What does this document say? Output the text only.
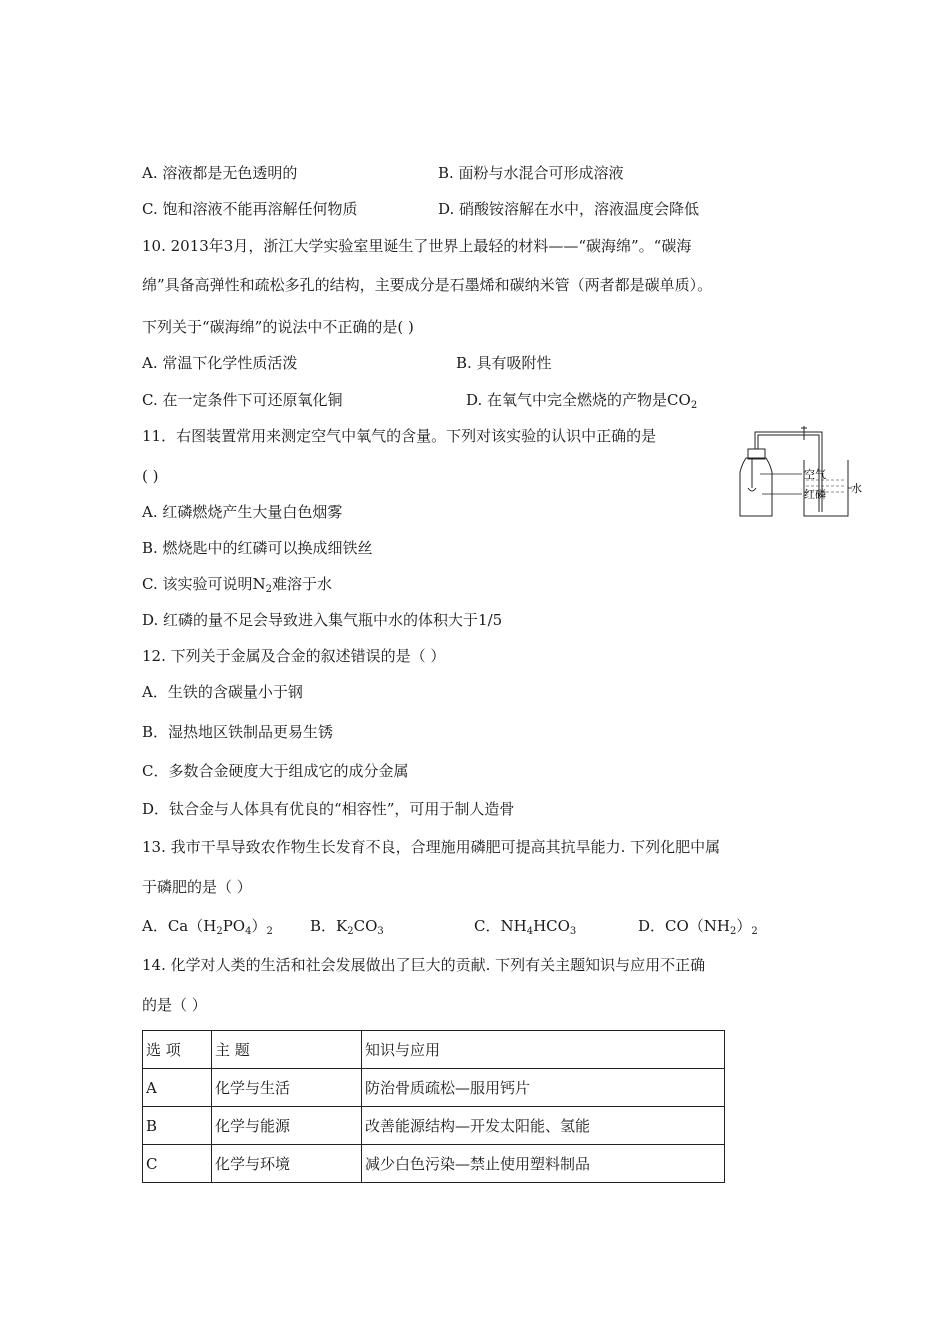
A. 溶液都是无色透明的	B. 面粉与水混合可形成溶液
C. 饱和溶液不能再溶解任何物质	D. 硝酸铵溶解在水中，溶液温度会降低
10. 2013年3月，浙江大学实验室里诞生了世界上最轻的材料——“碳海绵”。“碳海
绵”具备高弹性和疏松多孔的结构，主要成分是石墨烯和碳纳米管（两者都是碳单质）。
下列关于“碳海绵”的说法中不正确的是( )
A. 常温下化学性质活泼	B. 具有吸附性
C. 在一定条件下可还原氧化铜	D. 在氧气中完全燃烧的产物是$CO_2$
11．右图装置常用来测定空气中氧气的含量。下列对该实验的认识中正确的是
( )
A. 红磷燃烧产生大量白色烟雾
B. 燃烧匙中的红磷可以换成细铁丝
C. 该实验可说明$N_2$难溶于水
D. 红磷的量不足会导致进入集气瓶中水的体积大于1/5
空气
红磷 水
12. 下列关于金属及合金的叙述错误的是（ ）
A．生铁的含碳量小于钢
B．湿热地区铁制品更易生锈
C．多数合金硬度大于组成它的成分金属
D．钛合金与人体具有优良的“相容性”，可用于制人造骨
13. 我市干旱导致农作物生长发育不良，合理施用磷肥可提高其抗旱能力. 下列化肥中属
于磷肥的是（ ）
A．$Ca(H_2PO_4)_2$ B．$K_2CO_3$	C．$NH_4HCO_3$	D．$CO(NH_2)_2$
14. 化学对人类的生活和社会发展做出了巨大的贡献. 下列有关主题知识与应用不正确
的是（ ）
选 项	主 题	知识与应用
A	化学与生活	防治骨质疏松—服用钙片
B	化学与能源	改善能源结构—开发太阳能、氢能
C	化学与环境	减少白色污染—禁止使用塑料制品
